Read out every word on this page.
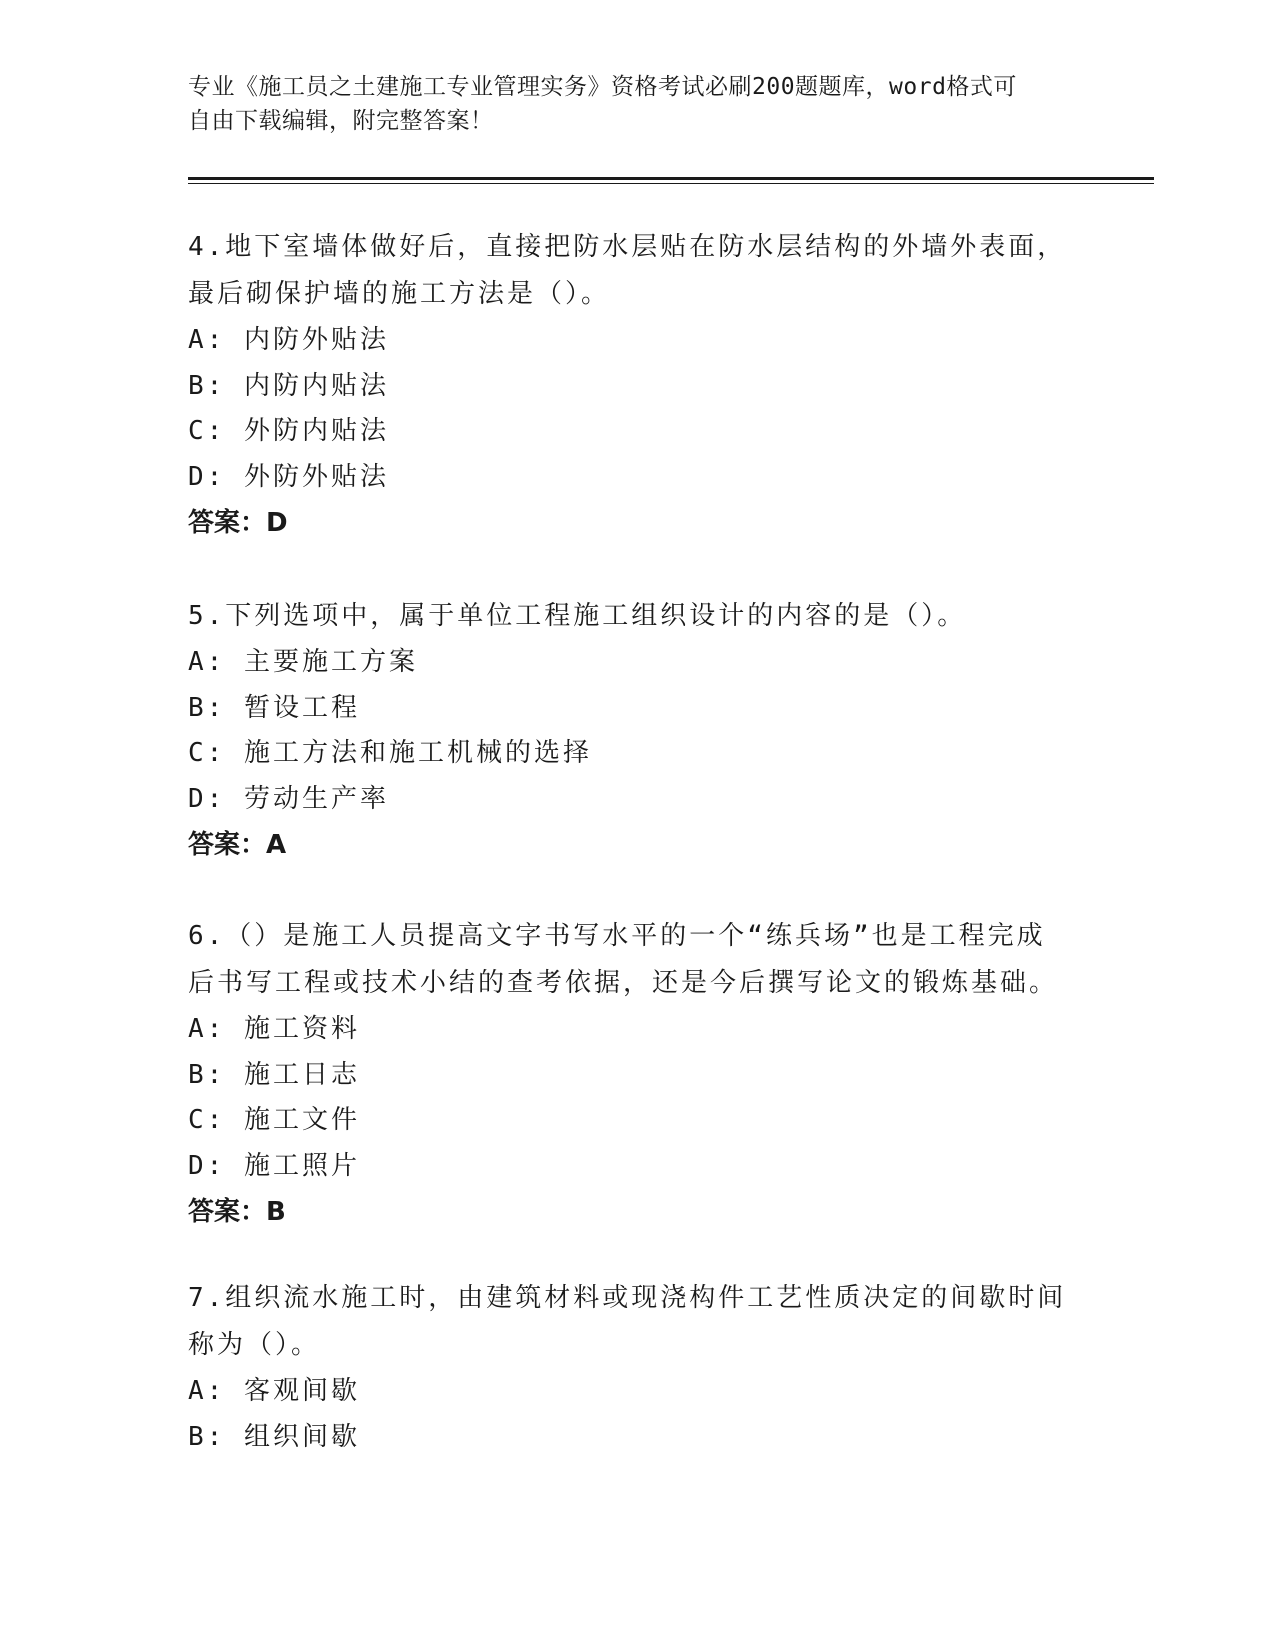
专业《施工员之土建施工专业管理实务》资格考试必刷200题题库，word格式可
自由下载编辑，附完整答案！
4.地下室墙体做好后，直接把防水层贴在防水层结构的外墙外表面，
最后砌保护墙的施工方法是（）。
A: 内防外贴法
B: 内防内贴法
C: 外防内贴法
D: 外防外贴法
答案：D
5.下列选项中，属于单位工程施工组织设计的内容的是（）。
A: 主要施工方案
B: 暂设工程
C: 施工方法和施工机械的选择
D: 劳动生产率
答案：A
6.（）是施工人员提高文字书写水平的一个“练兵场”也是工程完成
后书写工程或技术小结的查考依据，还是今后撰写论文的锻炼基础。
A: 施工资料
B: 施工日志
C: 施工文件
D: 施工照片
答案：B
7.组织流水施工时，由建筑材料或现浇构件工艺性质决定的间歇时间
称为（）。
A: 客观间歇
B: 组织间歇
